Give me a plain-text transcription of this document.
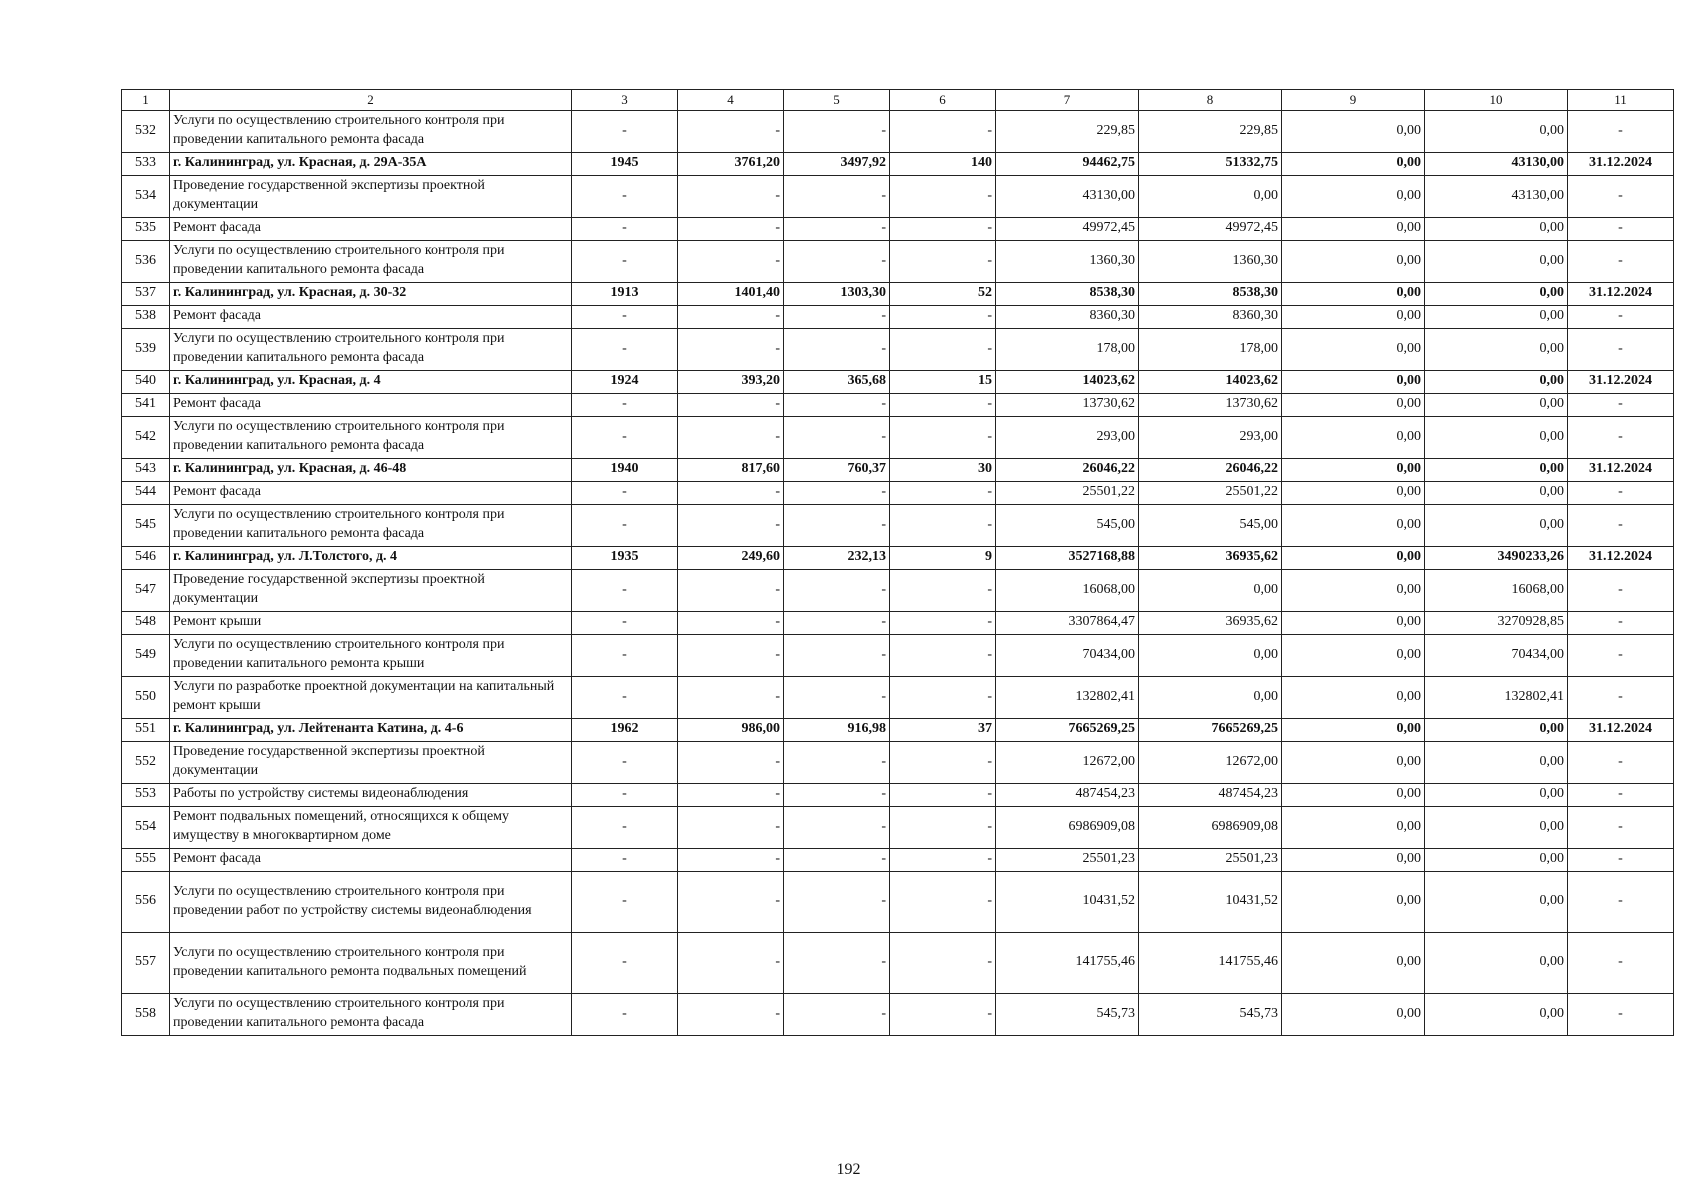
1	2	3	4	5	6	7	8	9	10	11
532	Услуги по осуществлению строительного контроля при проведении капитального ремонта фасада	-	-	-	-	229,85	229,85	0,00	0,00	-
533	г. Калининград, ул. Красная, д. 29А-35А	1945	3761,20	3497,92	140	94462,75	51332,75	0,00	43130,00	31.12.2024
534	Проведение государственной экспертизы проектной документации	-	-	-	-	43130,00	0,00	0,00	43130,00	-
535	Ремонт фасада	-	-	-	-	49972,45	49972,45	0,00	0,00	-
536	Услуги по осуществлению строительного контроля при проведении капитального ремонта фасада	-	-	-	-	1360,30	1360,30	0,00	0,00	-
537	г. Калининград, ул. Красная, д. 30-32	1913	1401,40	1303,30	52	8538,30	8538,30	0,00	0,00	31.12.2024
538	Ремонт фасада	-	-	-	-	8360,30	8360,30	0,00	0,00	-
539	Услуги по осуществлению строительного контроля при проведении капитального ремонта фасада	-	-	-	-	178,00	178,00	0,00	0,00	-
540	г. Калининград, ул. Красная, д. 4	1924	393,20	365,68	15	14023,62	14023,62	0,00	0,00	31.12.2024
541	Ремонт фасада	-	-	-	-	13730,62	13730,62	0,00	0,00	-
542	Услуги по осуществлению строительного контроля при проведении капитального ремонта фасада	-	-	-	-	293,00	293,00	0,00	0,00	-
543	г. Калининград, ул. Красная, д. 46-48	1940	817,60	760,37	30	26046,22	26046,22	0,00	0,00	31.12.2024
544	Ремонт фасада	-	-	-	-	25501,22	25501,22	0,00	0,00	-
545	Услуги по осуществлению строительного контроля при проведении капитального ремонта фасада	-	-	-	-	545,00	545,00	0,00	0,00	-
546	г. Калининград, ул. Л.Толстого, д. 4	1935	249,60	232,13	9	3527168,88	36935,62	0,00	3490233,26	31.12.2024
547	Проведение государственной экспертизы проектной документации	-	-	-	-	16068,00	0,00	0,00	16068,00	-
548	Ремонт крыши	-	-	-	-	3307864,47	36935,62	0,00	3270928,85	-
549	Услуги по осуществлению строительного контроля при проведении капитального ремонта крыши	-	-	-	-	70434,00	0,00	0,00	70434,00	-
550	Услуги по разработке проектной документации на капитальный ремонт крыши	-	-	-	-	132802,41	0,00	0,00	132802,41	-
551	г. Калининград, ул. Лейтенанта Катина, д. 4-6	1962	986,00	916,98	37	7665269,25	7665269,25	0,00	0,00	31.12.2024
552	Проведение государственной экспертизы проектной документации	-	-	-	-	12672,00	12672,00	0,00	0,00	-
553	Работы по устройству системы видеонаблюдения	-	-	-	-	487454,23	487454,23	0,00	0,00	-
554	Ремонт подвальных помещений, относящихся к общему имуществу в многоквартирном доме	-	-	-	-	6986909,08	6986909,08	0,00	0,00	-
555	Ремонт фасада	-	-	-	-	25501,23	25501,23	0,00	0,00	-
556	Услуги по осуществлению строительного контроля при проведении работ по устройству системы видеонаблюдения	-	-	-	-	10431,52	10431,52	0,00	0,00	-
557	Услуги по осуществлению строительного контроля при проведении капитального ремонта подвальных помещений	-	-	-	-	141755,46	141755,46	0,00	0,00	-
558	Услуги по осуществлению строительного контроля при проведении капитального ремонта фасада	-	-	-	-	545,73	545,73	0,00	0,00	-
192
